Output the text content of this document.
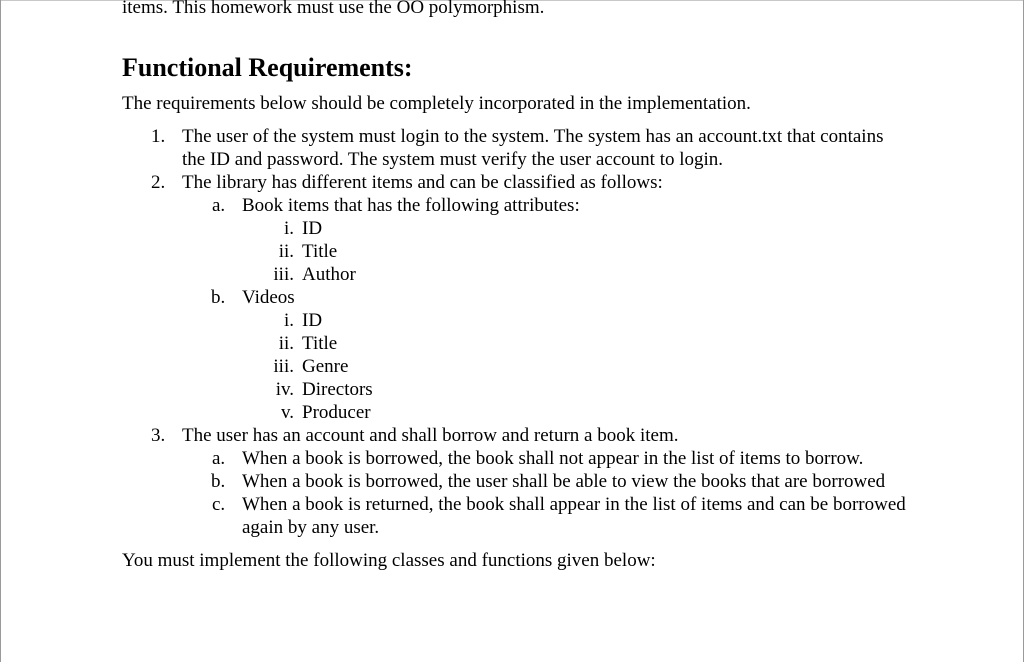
items. This homework must use the OO polymorphism.
Functional Requirements:
The requirements below should be completely incorporated in the implementation.
1. The user of the system must login to the system. The system has an account.txt that contains
the ID and password. The system must verify the user account to login.
2. The library has different items and can be classified as follows:
a. Book items that has the following attributes:
i. ID
ii. Title
iii. Author
b. Videos
i. ID
ii. Title
iii. Genre
iv. Directors
v. Producer
3. The user has an account and shall borrow and return a book item.
a. When a book is borrowed, the book shall not appear in the list of items to borrow.
b. When a book is borrowed, the user shall be able to view the books that are borrowed
c. When a book is returned, the book shall appear in the list of items and can be borrowed
again by any user.
You must implement the following classes and functions given below:
